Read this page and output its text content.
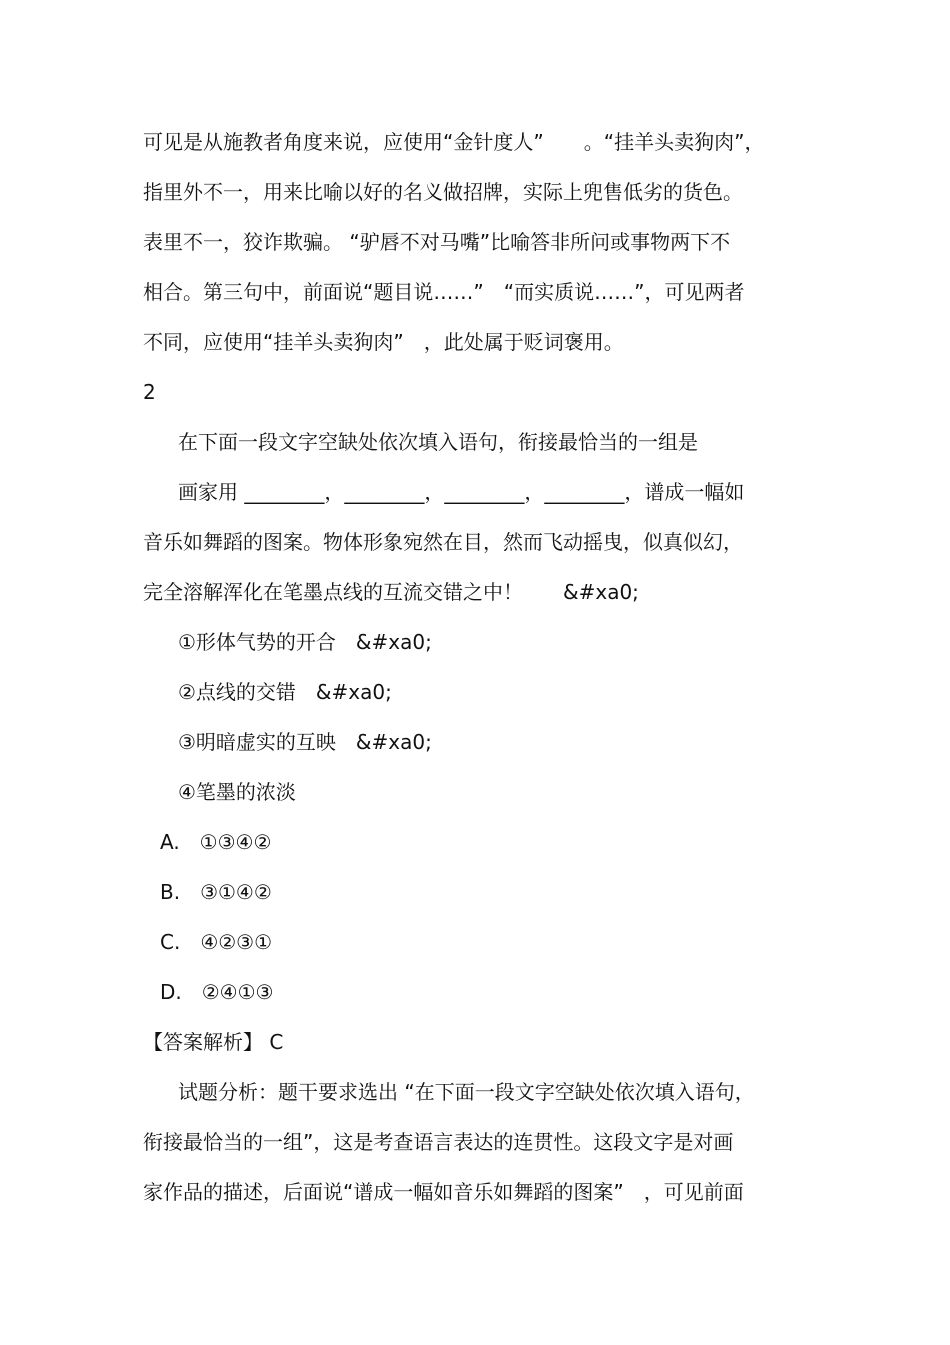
可见是从施教者角度来说，应使用“金针度人”　　。“挂羊头卖狗肉”，

指里外不一，用来比喻以好的名义做招牌，实际上兜售低劣的货色。

表里不一，狡诈欺骗。 “驴唇不对马嘴”比喻答非所问或事物两下不

相合。第三句中，前面说“题目说……”　“而实质说……”，可见两者

不同，应使用“挂羊头卖狗肉”　，此处属于贬词褒用。

2

在下面一段文字空缺处依次填入语句，衔接最恰当的一组是

画家用 ________，________，________，________，谱成一幅如

音乐如舞蹈的图案。物体形象宛然在目，然而飞动摇曳，似真似幻，

完全溶解浑化在笔墨点线的互流交错之中！　　&#xa0;

①形体气势的开合　&#xa0;

②点线的交错　&#xa0;

③明暗虚实的互映　&#xa0;

④笔墨的浓淡

A.　①③④②

B.　③①④②

C.　④②③①

D.　②④①③

【答案解析】 C

试题分析：题干要求选出 “在下面一段文字空缺处依次填入语句，

衔接最恰当的一组”，这是考查语言表达的连贯性。这段文字是对画

家作品的描述，后面说“谱成一幅如音乐如舞蹈的图案”　，可见前面
